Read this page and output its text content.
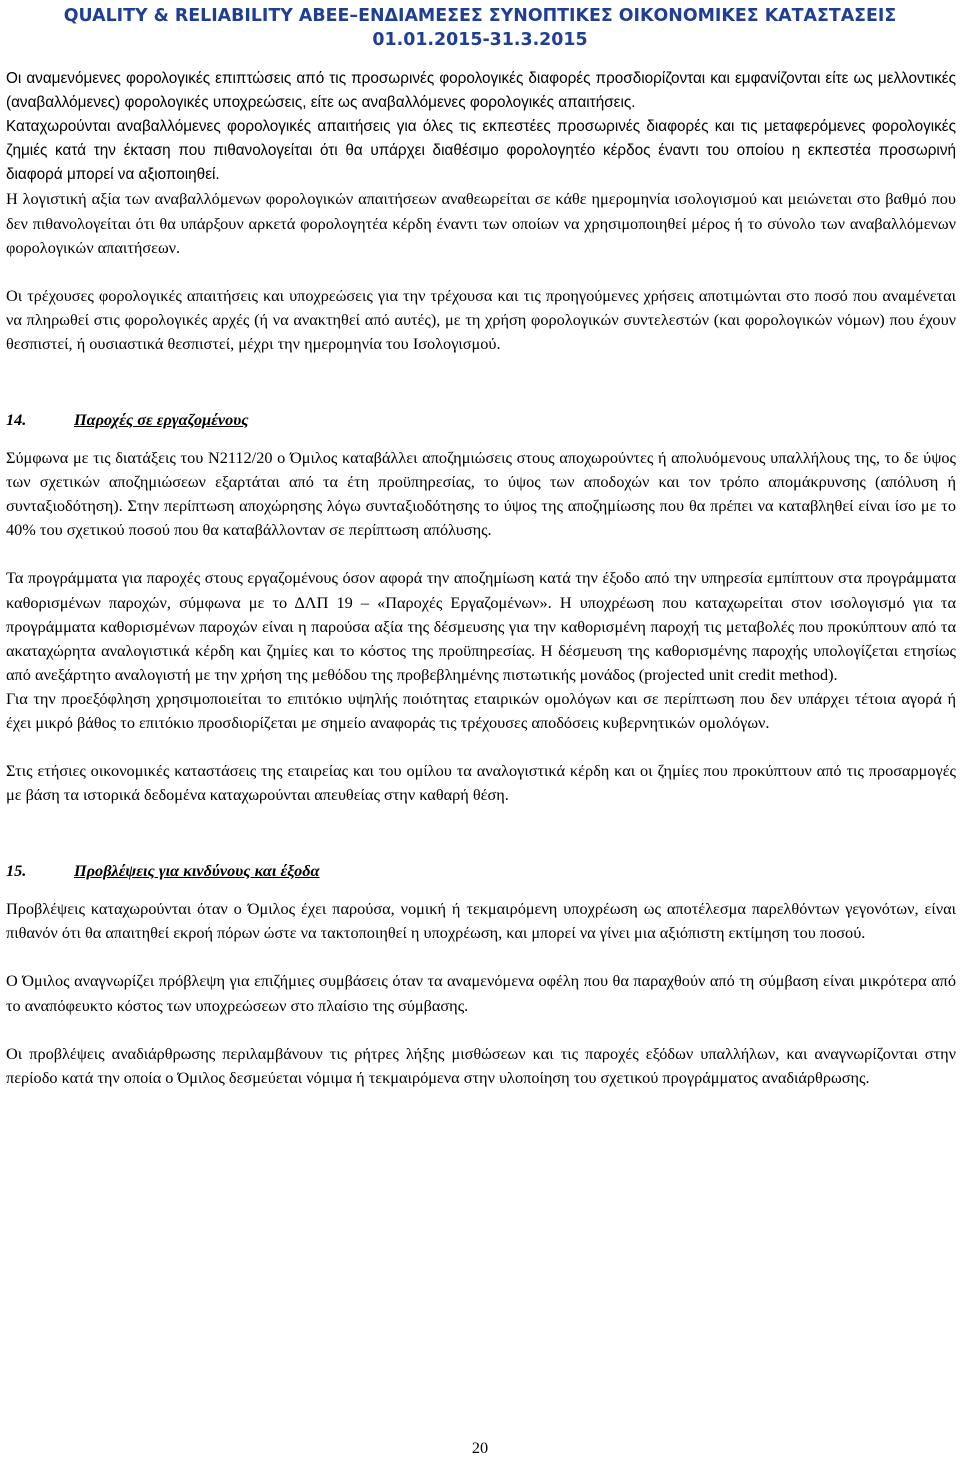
QUALITY & RELIABILITY ΑΒΕΕ–ΕΝΔΙΑΜΕΣΕΣ ΣΥΝΟΠΤΙΚΕΣ ΟΙΚΟΝΟΜΙΚΕΣ ΚΑΤΑΣΤΑΣΕΙΣ
01.01.2015-31.3.2015

Οι αναμενόμενες φορολογικές επιπτώσεις από τις προσωρινές φορολογικές διαφορές προσδιορίζονται και εμφανίζονται είτε ως μελλοντικές (αναβαλλόμενες) φορολογικές υποχρεώσεις, είτε ως αναβαλλόμενες φορολογικές απαιτήσεις.

Καταχωρούνται αναβαλλόμενες φορολογικές απαιτήσεις για όλες τις εκπεστέες προσωρινές διαφορές και τις μεταφερόμενες φορολογικές ζημιές κατά την έκταση που πιθανολογείται ότι θα υπάρχει διαθέσιμο φορολογητέο κέρδος έναντι του οποίου η εκπεστέα προσωρινή διαφορά μπορεί να αξιοποιηθεί.

Η λογιστική αξία των αναβαλλόμενων φορολογικών απαιτήσεων αναθεωρείται σε κάθε ημερομηνία ισολογισμού και μειώνεται στο βαθμό που δεν πιθανολογείται ότι θα υπάρξουν αρκετά φορολογητέα κέρδη έναντι των οποίων να χρησιμοποιηθεί μέρος ή το σύνολο των αναβαλλόμενων φορολογικών απαιτήσεων.

Οι τρέχουσες φορολογικές απαιτήσεις και υποχρεώσεις για την τρέχουσα και τις προηγούμενες χρήσεις αποτιμώνται στο ποσό που αναμένεται να πληρωθεί στις φορολογικές αρχές (ή να ανακτηθεί από αυτές), με τη χρήση φορολογικών συντελεστών (και φορολογικών νόμων) που έχουν θεσπιστεί, ή ουσιαστικά θεσπιστεί, μέχρι την ημερομηνία του Ισολογισμού.

14.	Παροχές σε εργαζομένους

Σύμφωνα με τις διατάξεις του Ν2112/20 ο Όμιλος καταβάλλει αποζημιώσεις στους αποχωρούντες ή απολυόμενους υπαλλήλους της, το δε ύψος των σχετικών αποζημιώσεων εξαρτάται από τα έτη προϋπηρεσίας, το ύψος των αποδοχών και τον τρόπο απομάκρυνσης (απόλυση ή συνταξιοδότηση). Στην περίπτωση αποχώρησης λόγω συνταξιοδότησης το ύψος της αποζημίωσης που θα πρέπει να καταβληθεί είναι ίσο με το 40% του σχετικού ποσού που θα καταβάλλονταν σε περίπτωση απόλυσης.

Τα προγράμματα για παροχές στους εργαζομένους όσον αφορά την αποζημίωση κατά την έξοδο από την υπηρεσία εμπίπτουν στα προγράμματα καθορισμένων παροχών, σύμφωνα με το ΔΛΠ 19 – «Παροχές Εργαζομένων». Η υποχρέωση που καταχωρείται στον ισολογισμό για τα προγράμματα καθορισμένων παροχών είναι η παρούσα αξία της δέσμευσης για την καθορισμένη παροχή τις μεταβολές που προκύπτουν από τα ακαταχώρητα αναλογιστικά κέρδη και ζημίες και το κόστος της προϋπηρεσίας. Η δέσμευση της καθορισμένης παροχής υπολογίζεται ετησίως από ανεξάρτητο αναλογιστή με την χρήση της μεθόδου της προβεβλημένης πιστωτικής μονάδος (projected unit credit method).

Για την προεξόφληση χρησιμοποιείται το επιτόκιο υψηλής ποιότητας εταιρικών ομολόγων και σε περίπτωση που δεν υπάρχει τέτοια αγορά ή έχει μικρό βάθος το επιτόκιο προσδιορίζεται με σημείο αναφοράς τις τρέχουσες αποδόσεις κυβερνητικών ομολόγων.

Στις ετήσιες οικονομικές καταστάσεις της εταιρείας και του ομίλου τα αναλογιστικά κέρδη και οι ζημίες που προκύπτουν από τις προσαρμογές με βάση τα ιστορικά δεδομένα καταχωρούνται απευθείας στην καθαρή θέση.

15.	Προβλέψεις για κινδύνους και έξοδα

Προβλέψεις καταχωρούνται όταν ο Όμιλος έχει παρούσα, νομική ή τεκμαιρόμενη υποχρέωση ως αποτέλεσμα παρελθόντων γεγονότων, είναι πιθανόν ότι θα απαιτηθεί εκροή πόρων ώστε να τακτοποιηθεί η υποχρέωση, και μπορεί να γίνει μια αξιόπιστη εκτίμηση του ποσού.

Ο Όμιλος αναγνωρίζει πρόβλεψη για επιζήμιες συμβάσεις όταν τα αναμενόμενα οφέλη που θα παραχθούν από τη σύμβαση είναι μικρότερα από το αναπόφευκτο κόστος των υποχρεώσεων στο πλαίσιο της σύμβασης.

Οι προβλέψεις αναδιάρθρωσης περιλαμβάνουν τις ρήτρες λήξης μισθώσεων και τις παροχές εξόδων υπαλλήλων, και αναγνωρίζονται στην περίοδο κατά την οποία ο Όμιλος δεσμεύεται νόμιμα ή τεκμαιρόμενα στην υλοποίηση του σχετικού προγράμματος αναδιάρθρωσης.

20
